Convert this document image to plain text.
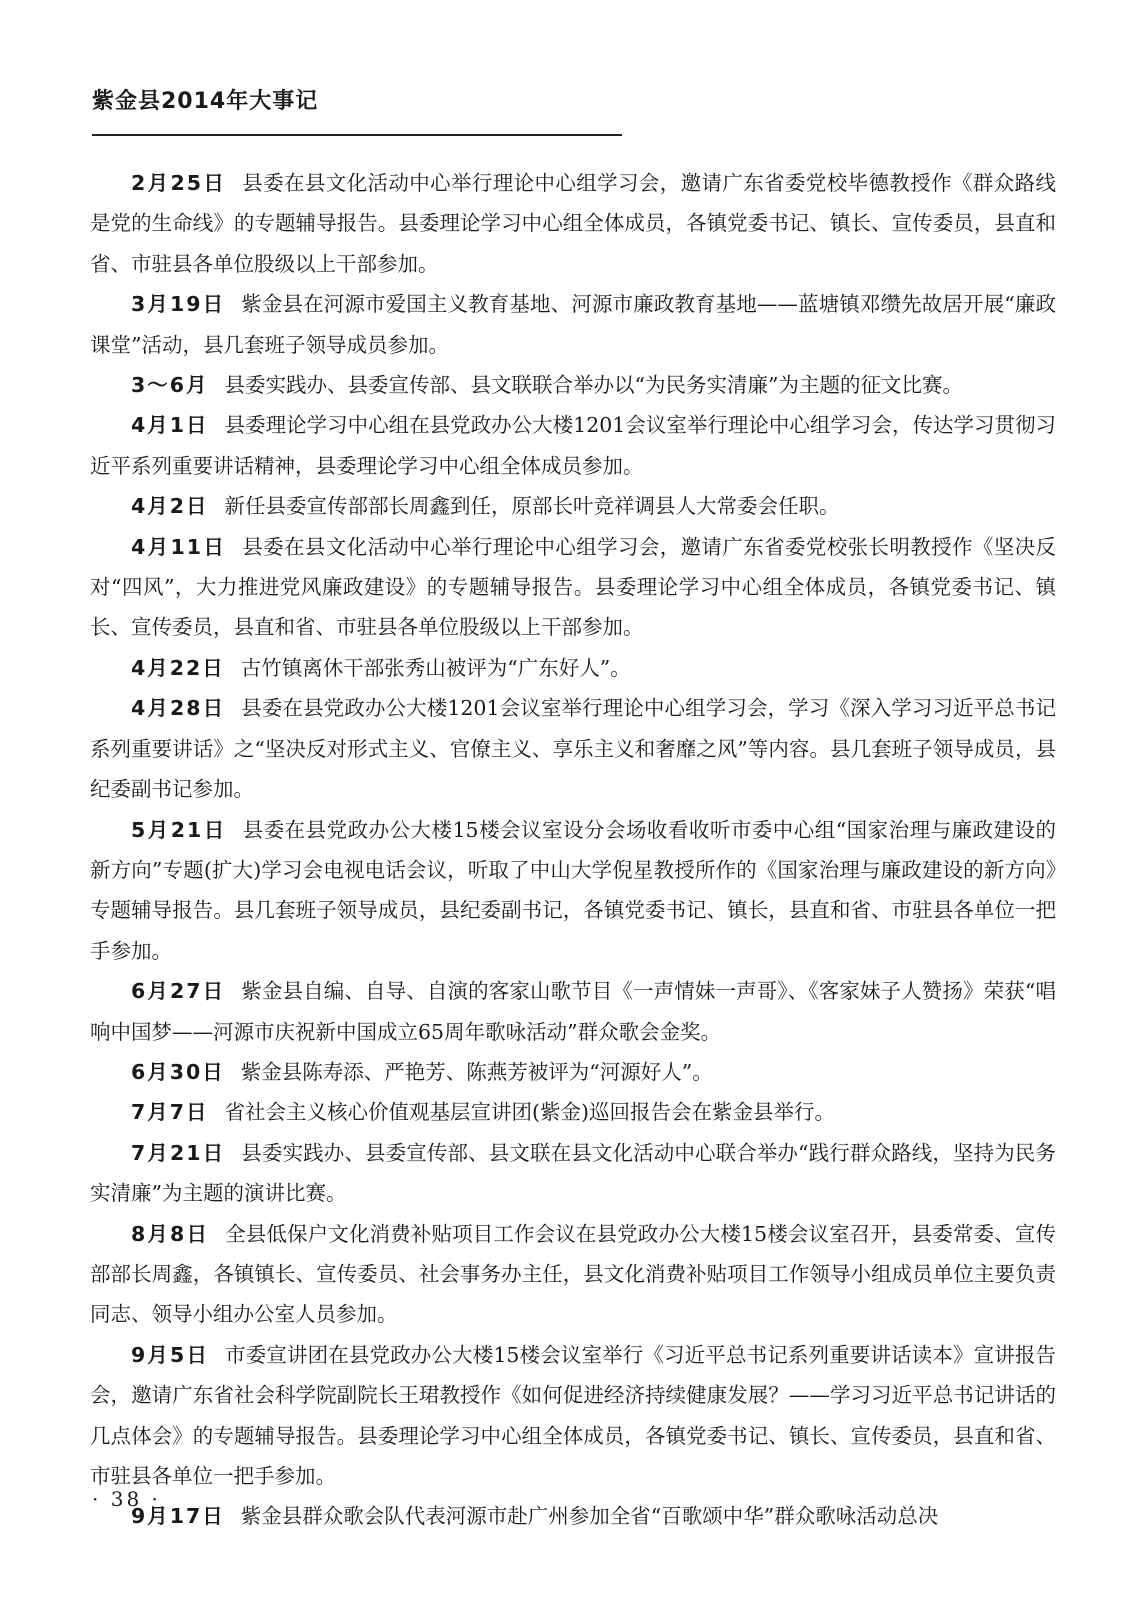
紫金县2014年大事记

2月25日 县委在县文化活动中心举行理论中心组学习会，邀请广东省委党校毕德教授作《群众路线是党的生命线》的专题辅导报告。县委理论学习中心组全体成员，各镇党委书记、镇长、宣传委员，县直和省、市驻县各单位股级以上干部参加。

3月19日 紫金县在河源市爱国主义教育基地、河源市廉政教育基地——蓝塘镇邓缵先故居开展“廉政课堂”活动，县几套班子领导成员参加。

3～6月 县委实践办、县委宣传部、县文联联合举办以“为民务实清廉”为主题的征文比赛。

4月1日 县委理论学习中心组在县党政办公大楼1201会议室举行理论中心组学习会，传达学习贯彻习近平系列重要讲话精神，县委理论学习中心组全体成员参加。

4月2日 新任县委宣传部部长周鑫到任，原部长叶竞祥调县人大常委会任职。

4月11日 县委在县文化活动中心举行理论中心组学习会，邀请广东省委党校张长明教授作《坚决反对“四风”，大力推进党风廉政建设》的专题辅导报告。县委理论学习中心组全体成员，各镇党委书记、镇长、宣传委员，县直和省、市驻县各单位股级以上干部参加。

4月22日 古竹镇离休干部张秀山被评为“广东好人”。

4月28日 县委在县党政办公大楼1201会议室举行理论中心组学习会，学习《深入学习习近平总书记系列重要讲话》之“坚决反对形式主义、官僚主义、享乐主义和奢靡之风”等内容。县几套班子领导成员，县纪委副书记参加。

5月21日 县委在县党政办公大楼15楼会议室设分会场收看收听市委中心组“国家治理与廉政建设的新方向”专题(扩大)学习会电视电话会议，听取了中山大学倪星教授所作的《国家治理与廉政建设的新方向》专题辅导报告。县几套班子领导成员，县纪委副书记，各镇党委书记、镇长，县直和省、市驻县各单位一把手参加。

6月27日 紫金县自编、自导、自演的客家山歌节目《一声情妹一声哥》、《客家妹子人赞扬》荣获“唱响中国梦——河源市庆祝新中国成立65周年歌咏活动”群众歌会金奖。

6月30日 紫金县陈寿添、严艳芳、陈燕芳被评为“河源好人”。

7月7日 省社会主义核心价值观基层宣讲团(紫金)巡回报告会在紫金县举行。

7月21日 县委实践办、县委宣传部、县文联在县文化活动中心联合举办“践行群众路线，坚持为民务实清廉”为主题的演讲比赛。

8月8日 全县低保户文化消费补贴项目工作会议在县党政办公大楼15楼会议室召开，县委常委、宣传部部长周鑫，各镇镇长、宣传委员、社会事务办主任，县文化消费补贴项目工作领导小组成员单位主要负责同志、领导小组办公室人员参加。

9月5日 市委宣讲团在县党政办公大楼15楼会议室举行《习近平总书记系列重要讲话读本》宣讲报告会，邀请广东省社会科学院副院长王珺教授作《如何促进经济持续健康发展？——学习习近平总书记讲话的几点体会》的专题辅导报告。县委理论学习中心组全体成员，各镇党委书记、镇长、宣传委员，县直和省、市驻县各单位一把手参加。

9月17日 紫金县群众歌会队代表河源市赴广州参加全省“百歌颂中华”群众歌咏活动总决

· 38 ·
